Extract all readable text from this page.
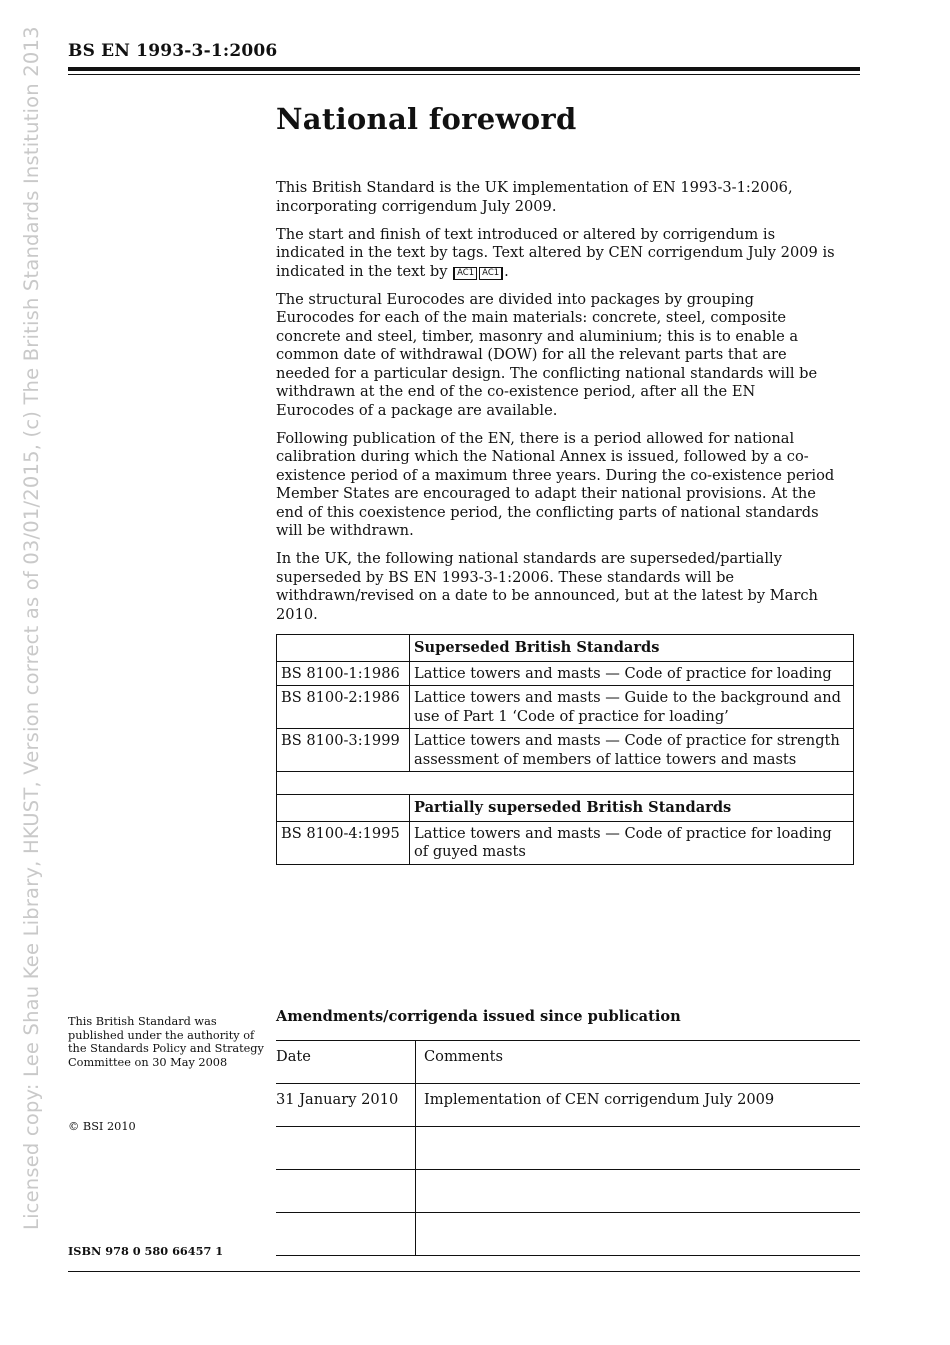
Licensed copy: Lee Shau Kee Library, HKUST, Version correct as of 03/01/2015, (c) The British Standards Institution 2013 BS EN 1993-3-1:2006
National foreword

This British Standard is the UK implementation of EN 1993-3-1:2006, incorporating corrigendum July 2009.

The start and finish of text introduced or altered by corrigendum is indicated in the text by tags. Text altered by CEN corrigendum July 2009 is indicated in the text by AC1 AC1 .

The structural Eurocodes are divided into packages by grouping Eurocodes for each of the main materials: concrete, steel, composite concrete and steel, timber, masonry and aluminium; this is to enable a common date of withdrawal (DOW) for all the relevant parts that are needed for a particular design. The conflicting national standards will be withdrawn at the end of the co-existence period, after all the EN Eurocodes of a package are available.

Following publication of the EN, there is a period allowed for national calibration during which the National Annex is issued, followed by a co-existence period of a maximum three years. During the co-existence period Member States are encouraged to adapt their national provisions. At the end of this coexistence period, the conflicting parts of national standards will be withdrawn.

In the UK, the following national standards are superseded/partially superseded by BS EN 1993-3-1:2006. These standards will be withdrawn/revised on a date to be announced, but at the latest by March 2010.

	Superseded British Standards
BS 8100-1:1986	Lattice towers and masts — Code of practice for loading
BS 8100-2:1986	Lattice towers and masts — Guide to the background and use of Part 1 ‘Code of practice for loading’
BS 8100-3:1999	Lattice towers and masts — Code of practice for strength assessment of members of lattice towers and masts

	Partially superseded British Standards
BS 8100-4:1995	Lattice towers and masts — Code of practice for loading of guyed masts
This British Standard was published under the authority of the Standards Policy and Strategy Committee on 30 May 2008
© BSI 2010
ISBN 978 0 580 66457 1
Amendments/corrigenda issued since publication
Date	Comments

31 January 2010	Implementation of CEN corrigendum July 2009
